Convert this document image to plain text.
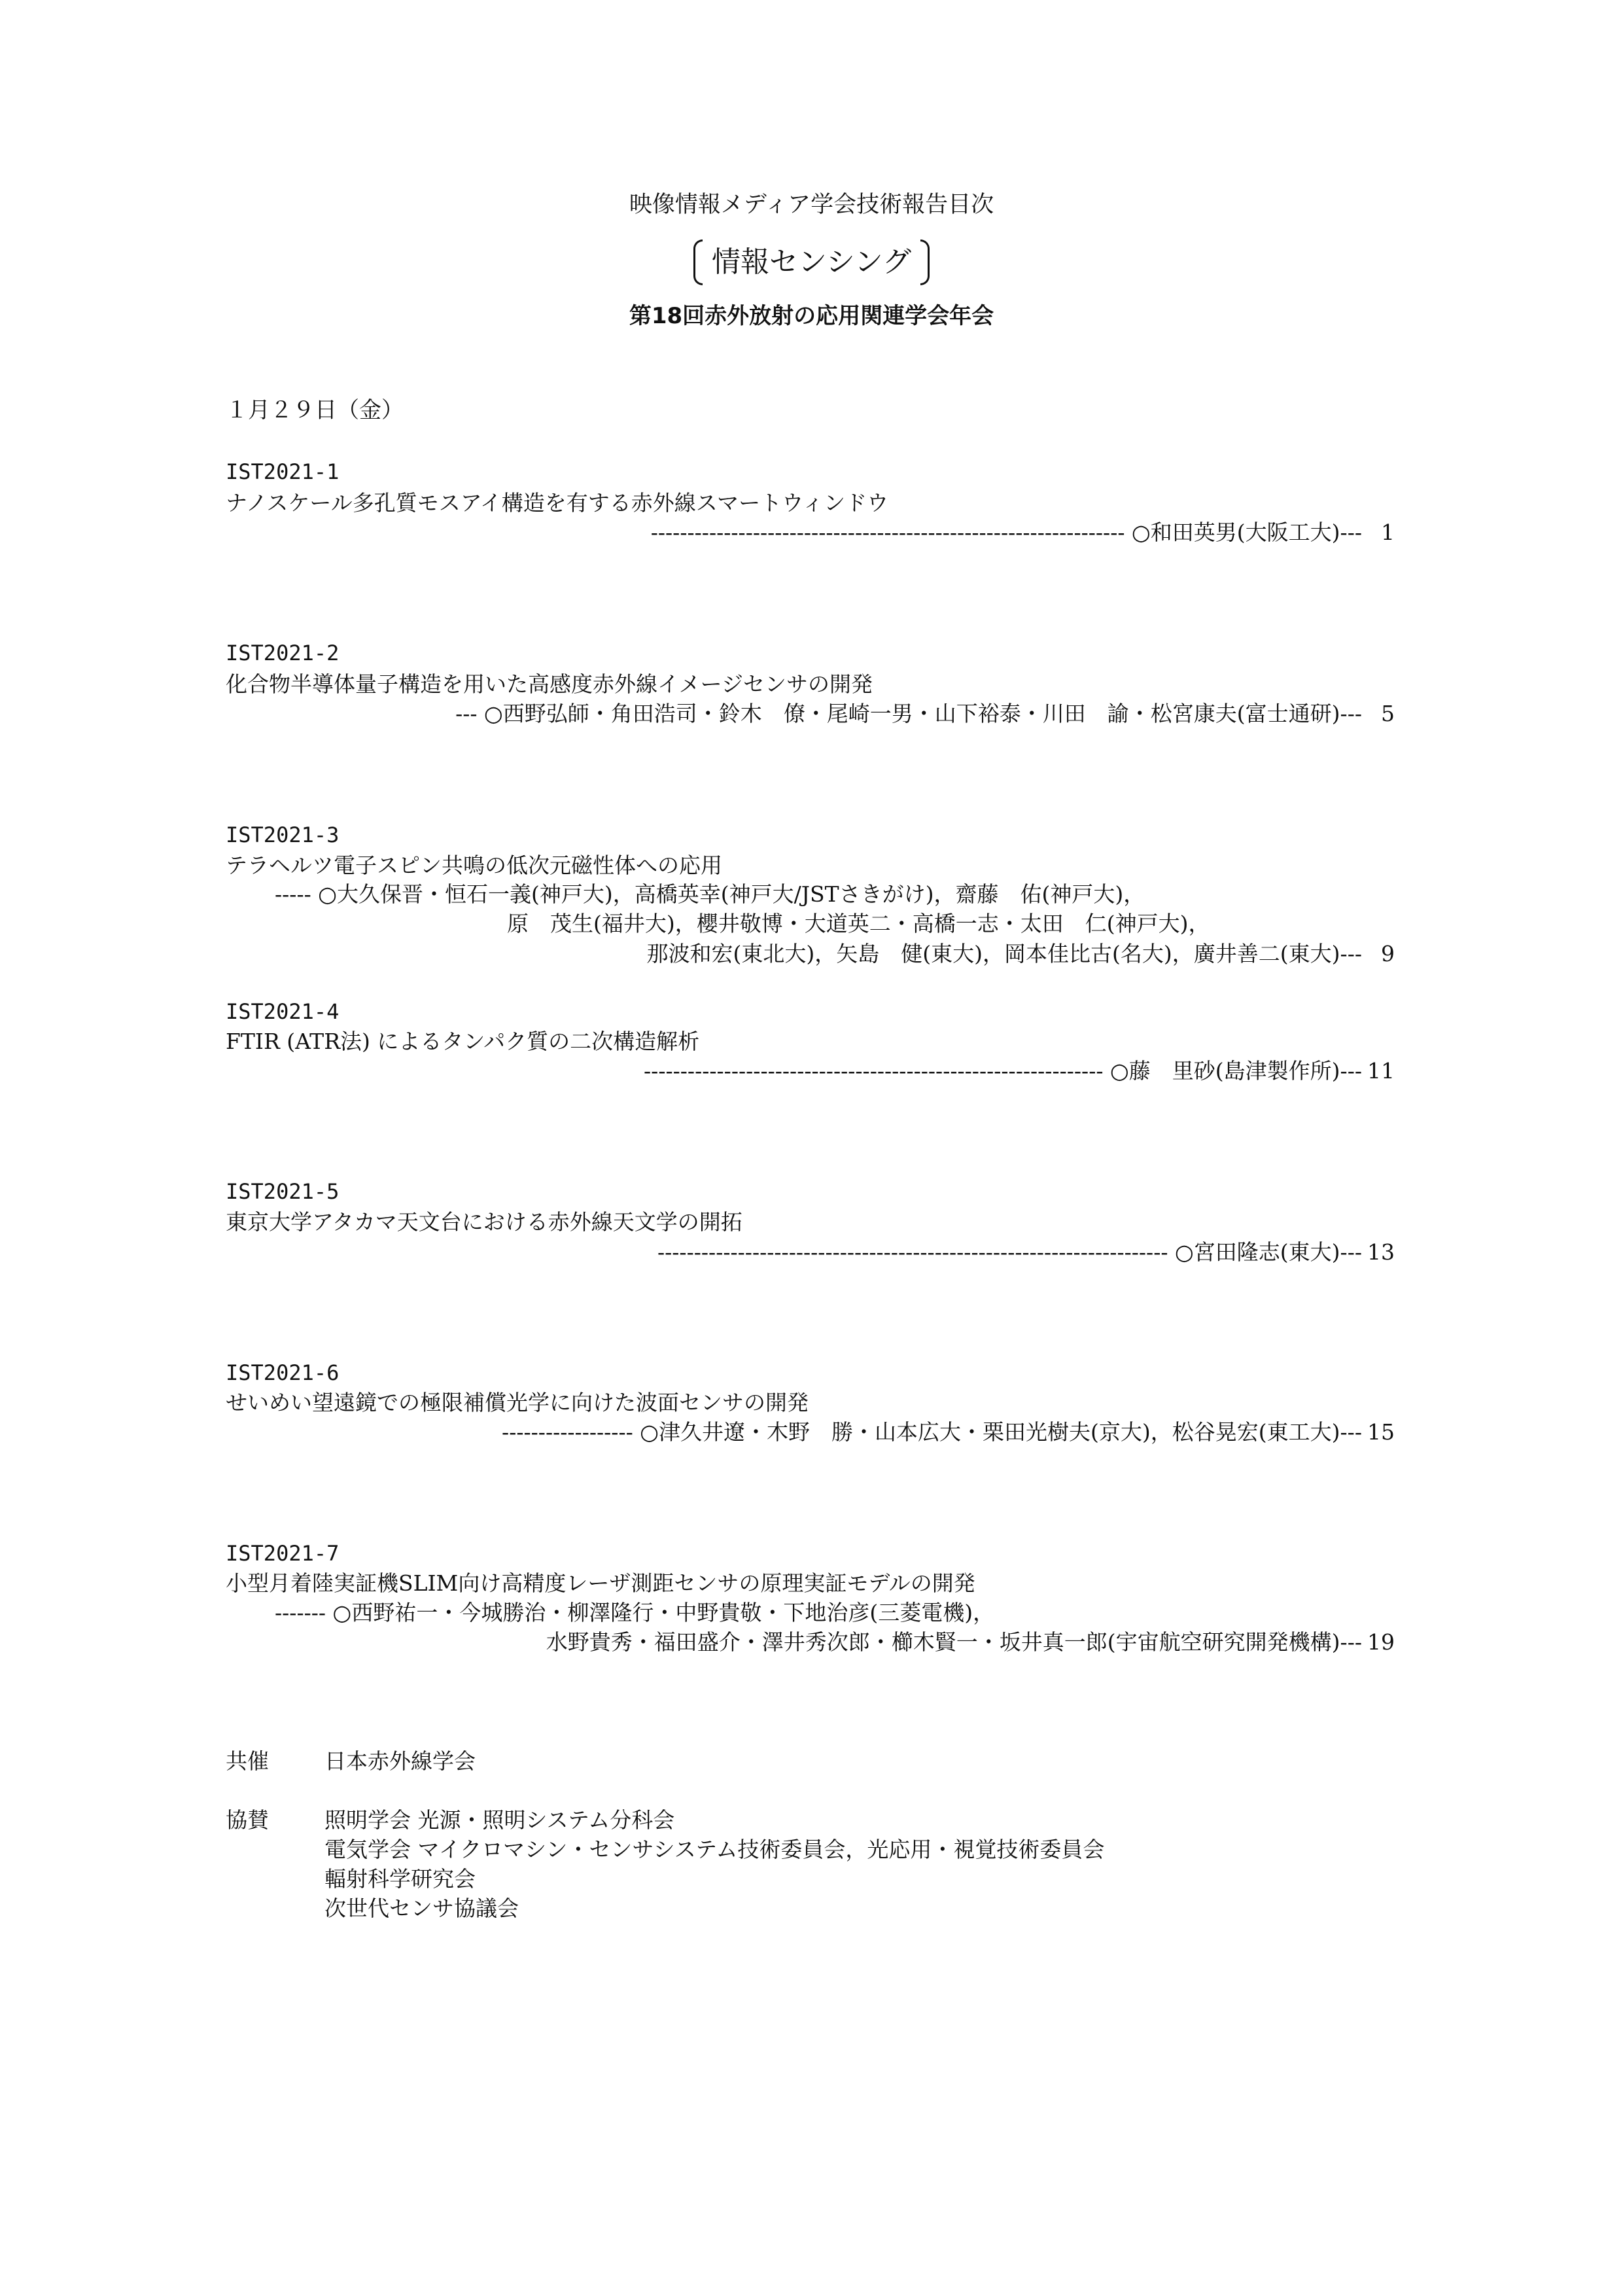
映像情報メディア学会技術報告目次
情報センシング
第18回赤外放射の応用関連学会年会
１月２９日（金）
IST2021-1
ナノスケール多孔質モスアイ構造を有する赤外線スマートウィンドウ
----------------------------------------------------------------- ○和田英男(大阪工大)--- 1
IST2021-2
化合物半導体量子構造を用いた高感度赤外線イメージセンサの開発
--- ○西野弘師・角田浩司・鈴木　僚・尾崎一男・山下裕泰・川田　諭・松宮康夫(富士通研)--- 5
IST2021-3
テラヘルツ電子スピン共鳴の低次元磁性体への応用
----- ○大久保晋・恒石一義(神戸大)，高橋英幸(神戸大/JSTさきがけ)，齋藤　佑(神戸大)，
原　茂生(福井大)，櫻井敬博・大道英二・高橋一志・太田　仁(神戸大)，
那波和宏(東北大)，矢島　健(東大)，岡本佳比古(名大)，廣井善二(東大)--- 9
IST2021-4
FTIR (ATR法) によるタンパク質の二次構造解析
--------------------------------------------------------------- ○藤　里砂(島津製作所)--- 11
IST2021-5
東京大学アタカマ天文台における赤外線天文学の開拓
---------------------------------------------------------------------- ○宮田隆志(東大)--- 13
IST2021-6
せいめい望遠鏡での極限補償光学に向けた波面センサの開発
------------------ ○津久井遼・木野　勝・山本広大・栗田光樹夫(京大)，松谷晃宏(東工大)--- 15
IST2021-7
小型月着陸実証機SLIM向け高精度レーザ測距センサの原理実証モデルの開発
------- ○西野祐一・今城勝治・柳澤隆行・中野貴敬・下地治彦(三菱電機)，
水野貴秀・福田盛介・澤井秀次郎・櫛木賢一・坂井真一郎(宇宙航空研究開発機構)--- 19
共催	日本赤外線学会
協賛	照明学会 光源・照明システム分科会
電気学会 マイクロマシン・センサシステム技術委員会，光応用・視覚技術委員会
輻射科学研究会
次世代センサ協議会
